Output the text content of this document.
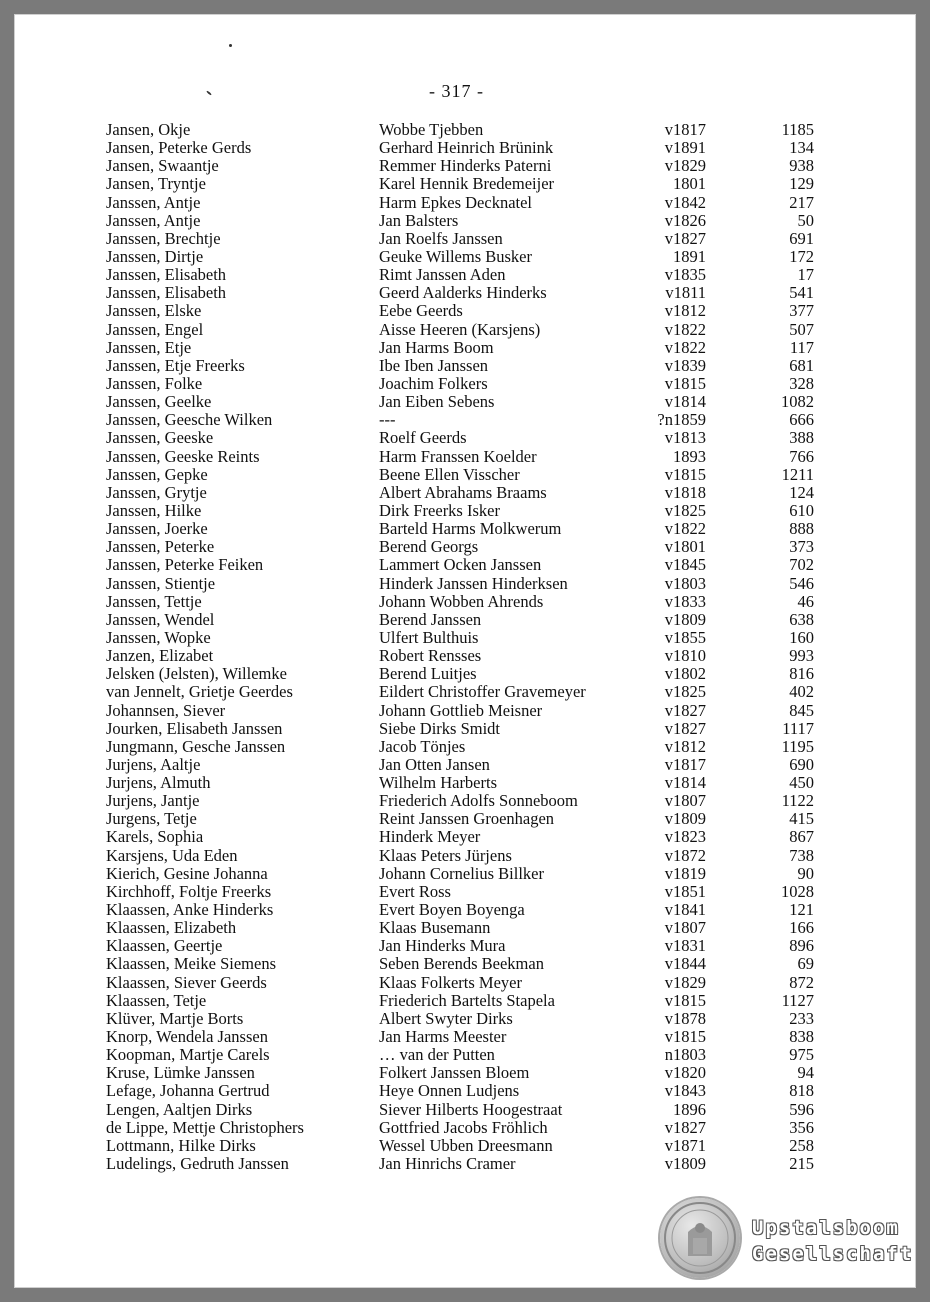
- 317 -
Jansen, Okje	Wobbe Tjebben	v1817	1185
Jansen, Peterke Gerds	Gerhard Heinrich Brünink	v1891	134
Jansen, Swaantje	Remmer Hinderks Paterni	v1829	938
Jansen, Tryntje	Karel Hennik Bredemeijer	1801	129
Janssen, Antje	Harm Epkes Decknatel	v1842	217
Janssen, Antje	Jan Balsters	v1826	50
Janssen, Brechtje	Jan Roelfs Janssen	v1827	691
Janssen, Dirtje	Geuke Willems Busker	1891	172
Janssen, Elisabeth	Rimt Janssen Aden	v1835	17
Janssen, Elisabeth	Geerd Aalderks Hinderks	v1811	541
Janssen, Elske	Eebe Geerds	v1812	377
Janssen, Engel	Aisse Heeren (Karsjens)	v1822	507
Janssen, Etje	Jan Harms Boom	v1822	117
Janssen, Etje Freerks	Ibe Iben Janssen	v1839	681
Janssen, Folke	Joachim Folkers	v1815	328
Janssen, Geelke	Jan Eiben Sebens	v1814	1082
Janssen, Geesche Wilken	---	?n1859	666
Janssen, Geeske	Roelf Geerds	v1813	388
Janssen, Geeske Reints	Harm Franssen Koelder	1893	766
Janssen, Gepke	Beene Ellen Visscher	v1815	1211
Janssen, Grytje	Albert Abrahams Braams	v1818	124
Janssen, Hilke	Dirk Freerks Isker	v1825	610
Janssen, Joerke	Barteld Harms Molkwerum	v1822	888
Janssen, Peterke	Berend Georgs	v1801	373
Janssen, Peterke Feiken	Lammert Ocken Janssen	v1845	702
Janssen, Stientje	Hinderk Janssen Hinderksen	v1803	546
Janssen, Tettje	Johann Wobben Ahrends	v1833	46
Janssen, Wendel	Berend Janssen	v1809	638
Janssen, Wopke	Ulfert Bulthuis	v1855	160
Janzen, Elizabet	Robert Rensses	v1810	993
Jelsken (Jelsten), Willemke	Berend Luitjes	v1802	816
van Jennelt, Grietje Geerdes	Eildert Christoffer Gravemeyer	v1825	402
Johannsen, Siever	Johann Gottlieb Meisner	v1827	845
Jourken, Elisabeth Janssen	Siebe Dirks Smidt	v1827	1117
Jungmann, Gesche Janssen	Jacob Tönjes	v1812	1195
Jurjens, Aaltje	Jan Otten Jansen	v1817	690
Jurjens, Almuth	Wilhelm Harberts	v1814	450
Jurjens, Jantje	Friederich Adolfs Sonneboom	v1807	1122
Jurgens, Tetje	Reint Janssen Groenhagen	v1809	415
Karels, Sophia	Hinderk Meyer	v1823	867
Karsjens, Uda Eden	Klaas Peters Jürjens	v1872	738
Kierich, Gesine Johanna	Johann Cornelius Billker	v1819	90
Kirchhoff, Foltje Freerks	Evert Ross	v1851	1028
Klaassen, Anke Hinderks	Evert Boyen Boyenga	v1841	121
Klaassen, Elizabeth	Klaas Busemann	v1807	166
Klaassen, Geertje	Jan Hinderks Mura	v1831	896
Klaassen, Meike Siemens	Seben Berends Beekman	v1844	69
Klaassen, Siever Geerds	Klaas Folkerts Meyer	v1829	872
Klaassen, Tetje	Friederich Bartelts Stapela	v1815	1127
Klüver, Martje Borts	Albert Swyter Dirks	v1878	233
Knorp, Wendela Janssen	Jan Harms Meester	v1815	838
Koopman, Martje Carels	… van der Putten	n1803	975
Kruse, Lümke Janssen	Folkert Janssen Bloem	v1820	94
Lefage, Johanna Gertrud	Heye Onnen Ludjens	v1843	818
Lengen, Aaltjen Dirks	Siever Hilberts Hoogestraat	1896	596
de Lippe, Mettje Christophers	Gottfried Jacobs Fröhlich	v1827	356
Lottmann, Hilke Dirks	Wessel Ubben Dreesmann	v1871	258
Ludelings, Gedruth Janssen	Jan Hinrichs Cramer	v1809	215
Upstalsboom
Gesellschaft
